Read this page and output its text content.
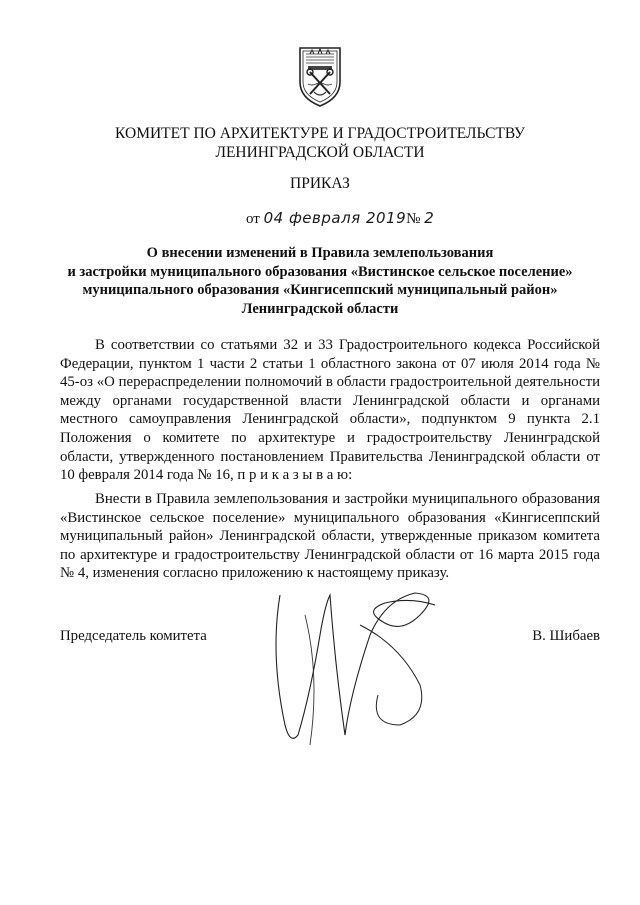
КОМИТЕТ ПО АРХИТЕКТУРЕ И ГРАДОСТРОИТЕЛЬСТВУ
ЛЕНИНГРАДСКОЙ ОБЛАСТИ
ПРИКАЗ
от 04 февраля 2019№ 2
О внесении изменений в Правила землепользования
и застройки муниципального образования «Вистинское сельское поселение»
муниципального образования «Кингисеппский муниципальный район»
Ленинградской области

В соответствии со статьями 32 и 33 Градостроительного кодекса Российской Федерации, пунктом 1 части 2 статьи 1 областного закона от 07 июля 2014 года № 45-оз «О перераспределении полномочий в области градостроительной деятельности между органами государственной власти Ленинградской области и органами местного самоуправления Ленинградской области», подпунктом 9 пункта 2.1 Положения о комитете по архитектуре и градостроительству Ленинградской области, утвержденного постановлением Правительства Ленинградской области от 10 февраля 2014 года № 16, п р и к а з ы в а ю:

Внести в Правила землепользования и застройки муниципального образования «Вистинское сельское поселение» муниципального образования «Кингисеппский муниципальный район» Ленинградской области, утвержденные приказом комитета по архитектуре и градостроительству Ленинградской области от 16 марта 2015 года № 4, изменения согласно приложению к настоящему приказу.

Председатель комитета	В. Шибаев
